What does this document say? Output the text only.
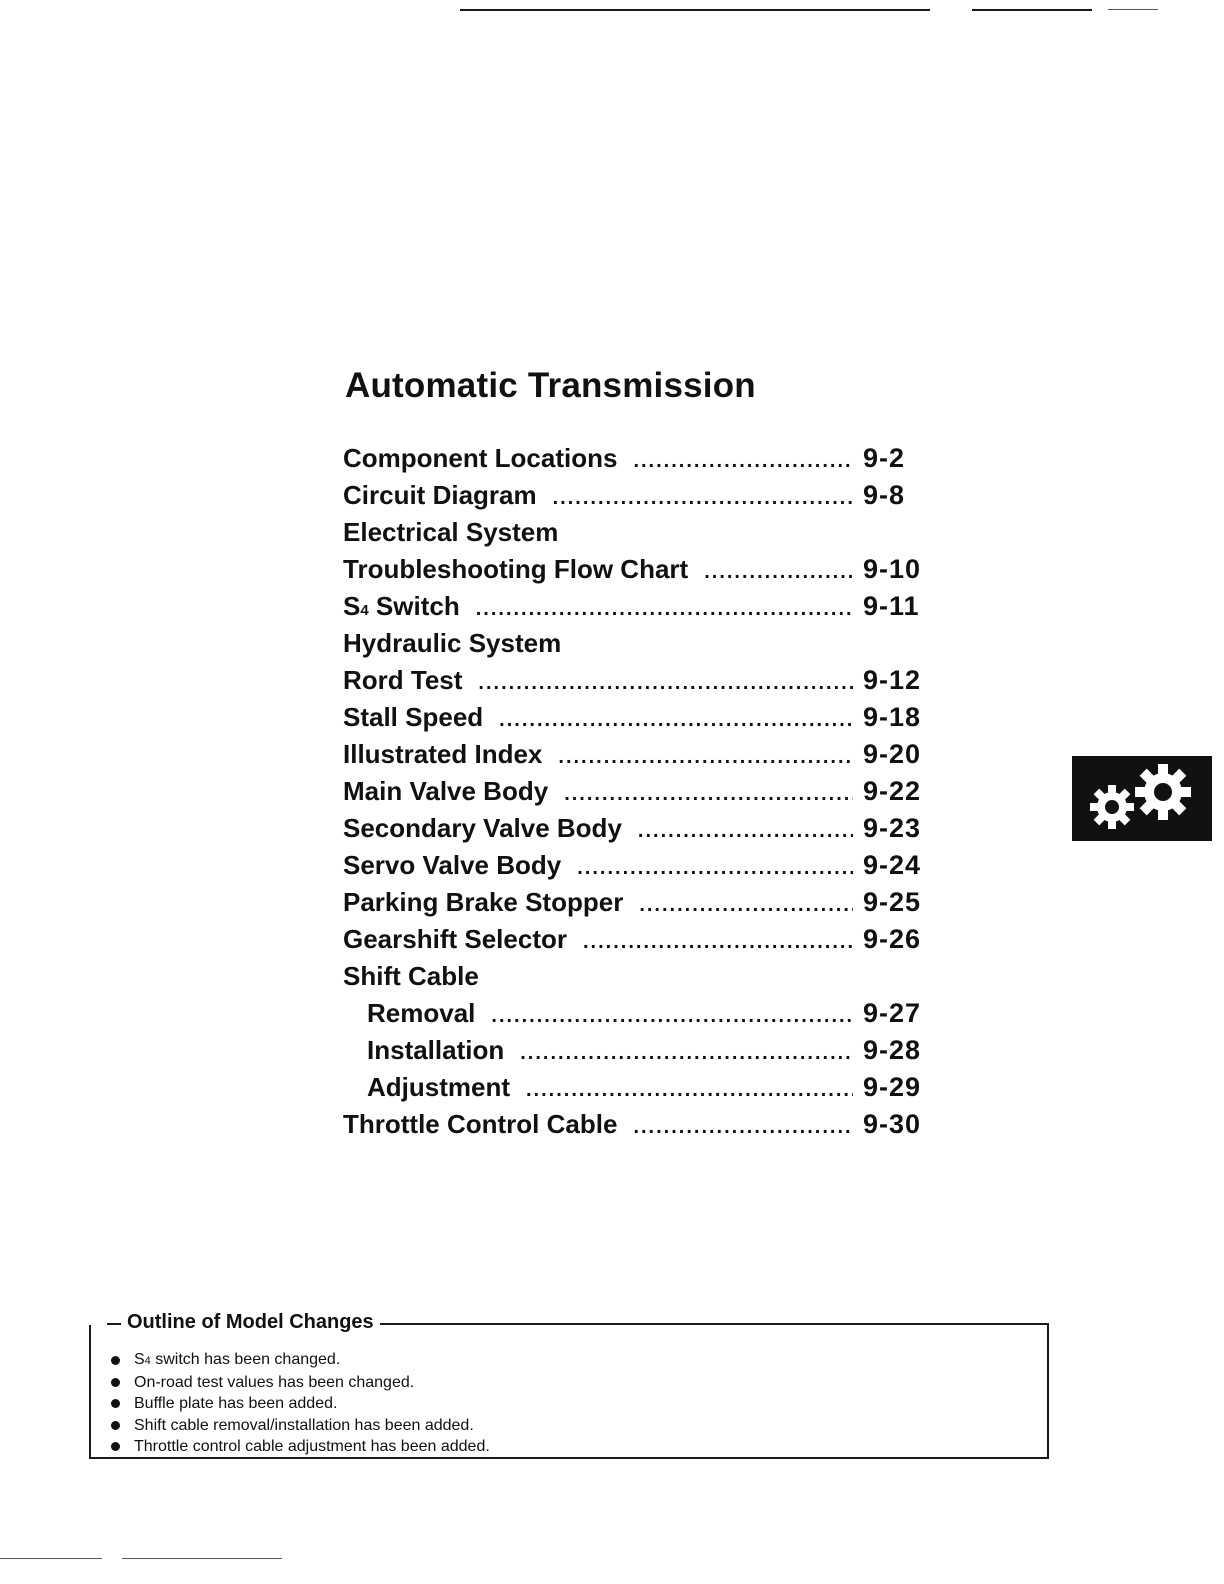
Automatic Transmission
Component Locations .....	9-2
Circuit Diagram .....	9-8
Electrical System
Troubleshooting Flow Chart .....	9-10
S4 Switch .....	9-11
Hydraulic System
Rord Test .....	9-12
Stall Speed .....	9-18
Illustrated Index .....	9-20
Main Valve Body .....	9-22
Secondary Valve Body .....	9-23
Servo Valve Body .....	9-24
Parking Brake Stopper .....	9-25
Gearshift Selector .....	9-26
Shift Cable
Removal .....	9-27
Installation .....	9-28
Adjustment .....	9-29
Throttle Control Cable .....	9-30
Outline of Model Changes
S4 switch has been changed.
On-road test values has been changed.
Buffle plate has been added.
Shift cable removal/installation has been added.
Throttle control cable adjustment has been added.
